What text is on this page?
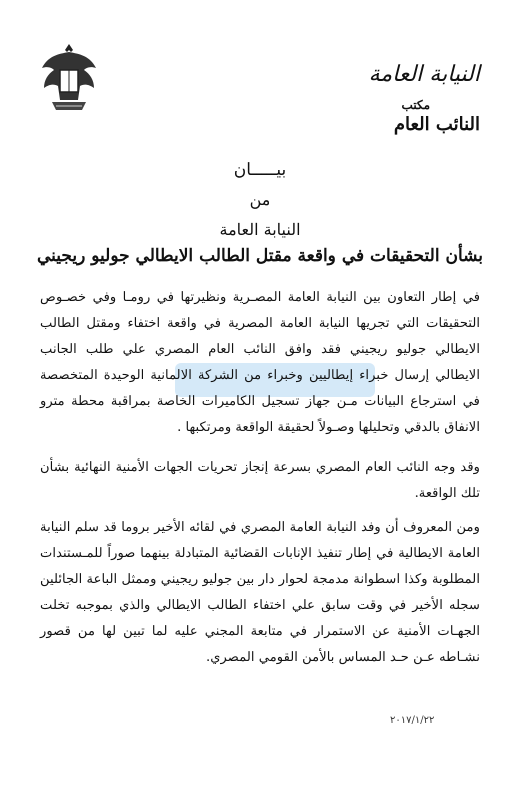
النيابة العامة
مكتب
النائب العام
بيـــــان
من
النيابة العامة
بشأن التحقيقات في واقعة مقتل الطالب الايطالي جوليو ريجيني
في إطار التعاون بين النيابة العامة المصـرية ونظيرتها في رومـا وفي خصـوص التحقيقات التي تجريها النيابة العامة المصرية في واقعة اختفاء ومقتل الطالب الايطالي جوليو ريجيني فقد وافق النائب العام المصري علي طلب الجانب الايطالي إرسال خبراء إيطاليين وخبراء من الشركة الالمانية الوحيدة المتخصصة في استرجاع البيانات مـن جهاز تسجيل الكاميرات الخاصة بمراقبة محطة مترو الانفاق بالدقي وتحليلها وصـولاً لحقيقة الواقعة ومرتكبها .
وقد وجه النائب العام المصري بسرعة إنجاز تحريات الجهات الأمنية النهائية بشأن تلك الواقعة.
ومن المعروف أن وفد النيابة العامة المصري في لقائه الأخير بروما قد سلم النيابة العامة الايطالية في إطار تنفيذ الإنابات القضائية المتبادلة بينهما صوراً للمـستندات المطلوبة وكذا اسطوانة مدمجة لحوار دار بين جوليو ريجيني وممثل الباعة الجائلين سجله الأخير في وقت سابق علي اختفاء الطالب الايطالي والذي بموجبه تخلت الجهـات الأمنية عن الاستمرار في متابعة المجني عليه لما تبين لها من قصور نشـاطه عـن حـد المساس بالأمن القومي المصري.
٢٠١٧/١/٢٢
